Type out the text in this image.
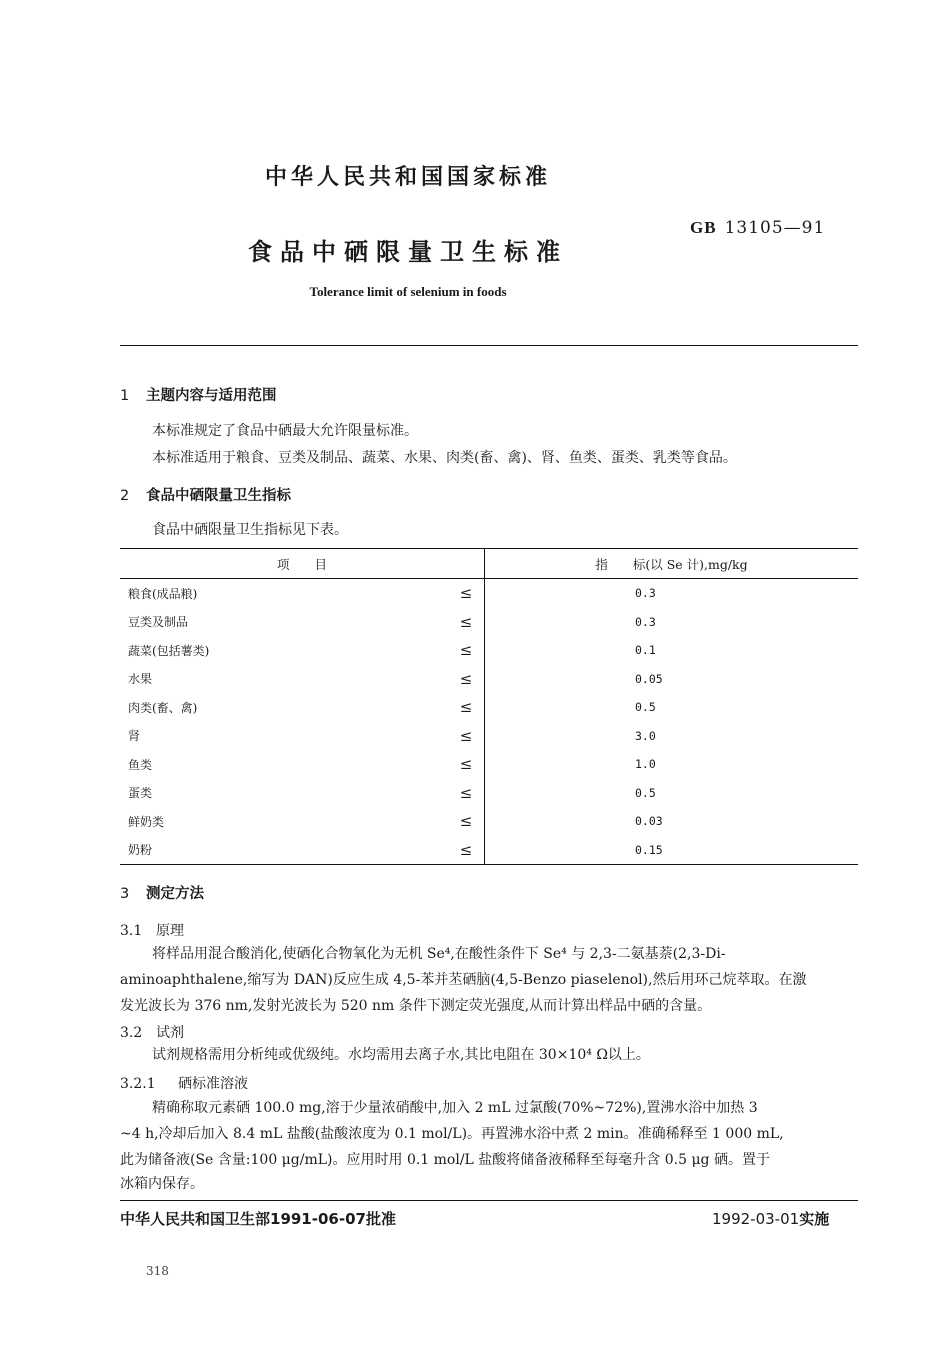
中华人民共和国国家标准
GB 13105—91
食品中硒限量卫生标准
Tolerance limit of selenium in foods
1 主题内容与适用范围
本标准规定了食品中硒最大允许限量标准。
本标准适用于粮食、豆类及制品、蔬菜、水果、肉类(畜、禽)、肾、鱼类、蛋类、乳类等食品。
2 食品中硒限量卫生指标
食品中硒限量卫生指标见下表。
项　　目		指　　标(以 Se 计),mg/kg
粮食(成品粮)	≤	0.3
豆类及制品	≤	0.3
蔬菜(包括薯类)	≤	0.1
水果	≤	0.05
肉类(畜、禽)	≤	0.5
肾	≤	3.0
鱼类	≤	1.0
蛋类	≤	0.5
鲜奶类	≤	0.03
奶粉	≤	0.15
3 测定方法
3.1 原理
将样品用混合酸消化,使硒化合物氧化为无机 Se⁴,在酸性条件下 Se⁴ 与 2,3-二氨基萘(2,3-Di-
aminoaphthalene,缩写为 DAN)反应生成 4,5-苯并苤硒脑(4,5-Benzo piaselenol),然后用环己烷萃取。在激
发光波长为 376 nm,发射光波长为 520 nm 条件下测定荧光强度,从而计算出样品中硒的含量。
3.2 试剂
试剂规格需用分析纯或优级纯。水均需用去离子水,其比电阻在 30×10⁴ Ω以上。
3.2.1 硒标准溶液
精确称取元素硒 100.0 mg,溶于少量浓硝酸中,加入 2 mL 过氯酸(70%~72%),置沸水浴中加热 3
~4 h,冷却后加入 8.4 mL 盐酸(盐酸浓度为 0.1 mol/L)。再置沸水浴中煮 2 min。准确稀释至 1 000 mL,
此为储备液(Se 含量:100 μg/mL)。应用时用 0.1 mol/L 盐酸将储备液稀释至每毫升含 0.5 μg 硒。置于
冰箱内保存。
中华人民共和国卫生部1991-06-07批准	1992-03-01实施
318
